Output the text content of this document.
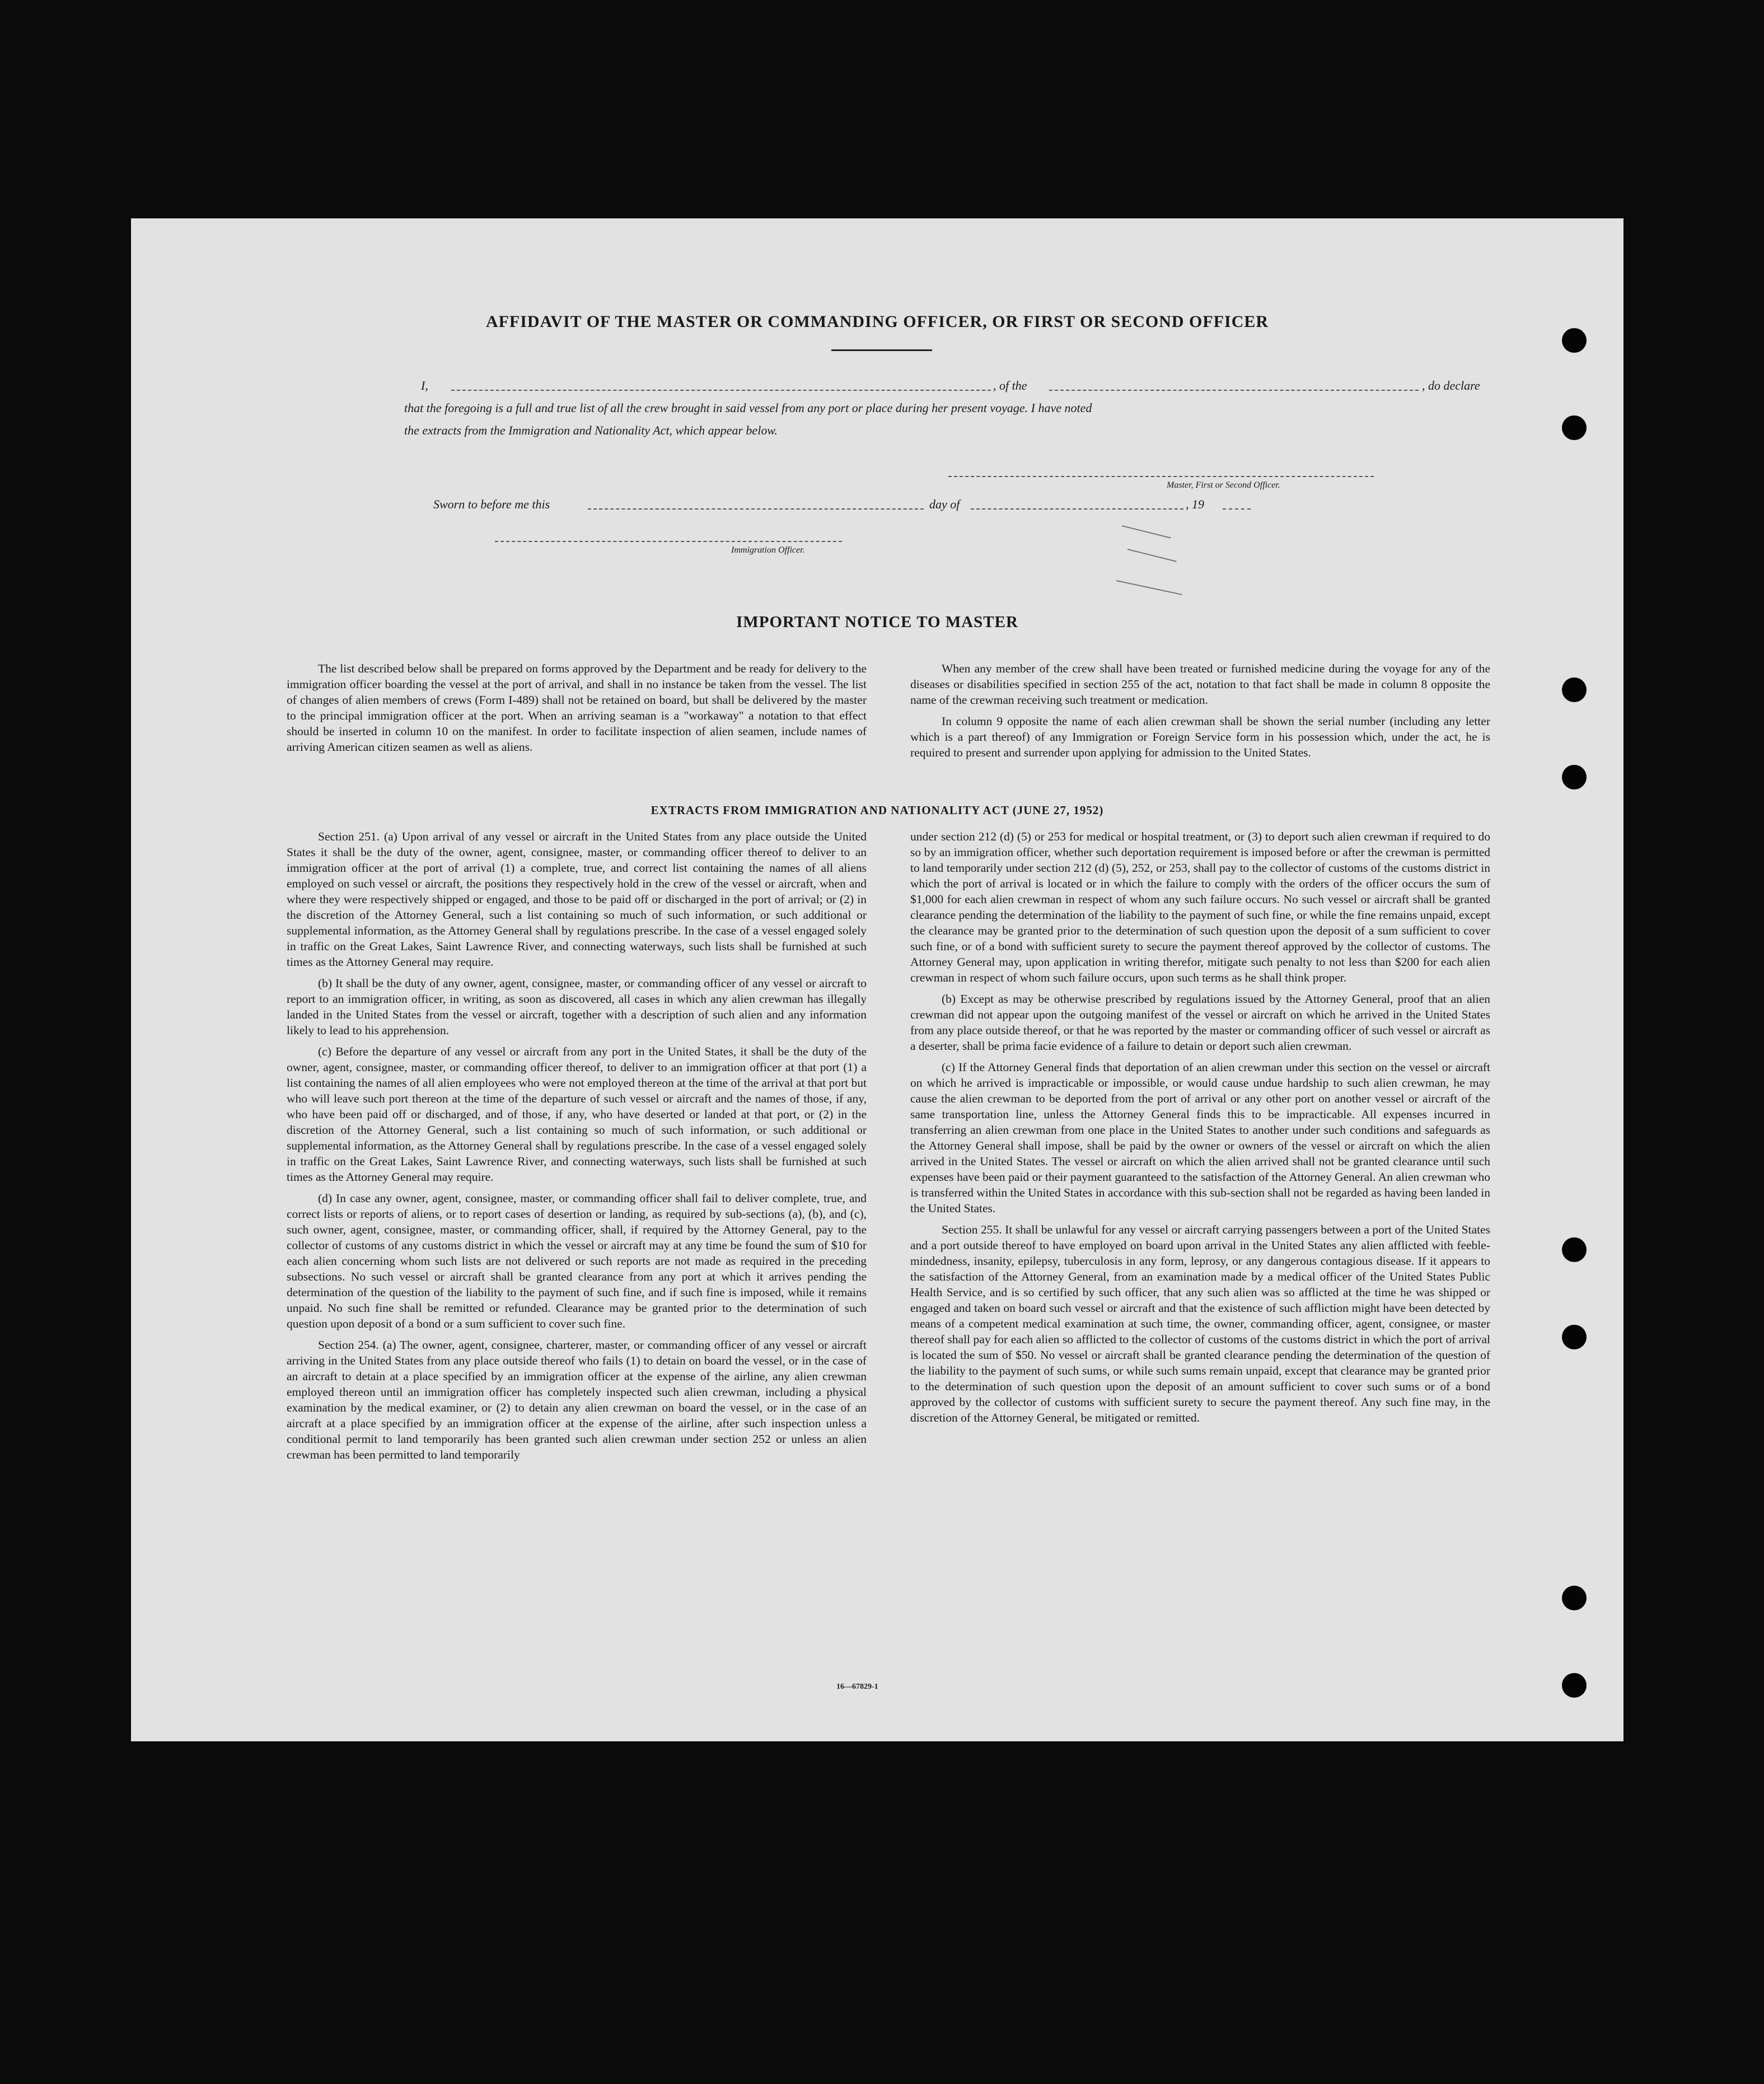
AFFIDAVIT OF THE MASTER OR COMMANDING OFFICER, OR FIRST OR SECOND OFFICER
I,	, of the	, do declare
that the foregoing is a full and true list of all the crew brought in said vessel from any port or place during her present voyage. I have noted
the extracts from the Immigration and Nationality Act, which appear below.
Master, First or Second Officer.
Sworn to before me this	day of	, 19
Immigration Officer.
IMPORTANT NOTICE TO MASTER

The list described below shall be prepared on forms approved by the Department and be ready for delivery to the immigration officer boarding the vessel at the port of arrival, and shall in no instance be taken from the vessel. The list of changes of alien members of crews (Form I-489) shall not be retained on board, but shall be delivered by the master to the principal immigration officer at the port. When an arriving seaman is a "workaway" a notation to that effect should be inserted in column 10 on the manifest. In order to facilitate inspection of alien seamen, include names of arriving American citizen seamen as well as aliens.

When any member of the crew shall have been treated or furnished medicine during the voyage for any of the diseases or disabilities specified in section 255 of the act, notation to that fact shall be made in column 8 opposite the name of the crewman receiving such treatment or medication.

In column 9 opposite the name of each alien crewman shall be shown the serial number (including any letter which is a part thereof) of any Immigration or Foreign Service form in his possession which, under the act, he is required to present and surrender upon applying for admission to the United States.

EXTRACTS FROM IMMIGRATION AND NATIONALITY ACT (JUNE 27, 1952)

Section 251. (a) Upon arrival of any vessel or aircraft in the United States from any place outside the United States it shall be the duty of the owner, agent, consignee, master, or commanding officer thereof to deliver to an immigration officer at the port of arrival (1) a complete, true, and correct list containing the names of all aliens employed on such vessel or aircraft, the positions they respectively hold in the crew of the vessel or aircraft, when and where they were respectively shipped or engaged, and those to be paid off or discharged in the port of arrival; or (2) in the discretion of the Attorney General, such a list containing so much of such information, or such additional or supplemental information, as the Attorney General shall by regulations prescribe. In the case of a vessel engaged solely in traffic on the Great Lakes, Saint Lawrence River, and connecting waterways, such lists shall be furnished at such times as the Attorney General may require.

(b) It shall be the duty of any owner, agent, consignee, master, or commanding officer of any vessel or aircraft to report to an immigration officer, in writing, as soon as discovered, all cases in which any alien crewman has illegally landed in the United States from the vessel or aircraft, together with a description of such alien and any information likely to lead to his apprehension.

(c) Before the departure of any vessel or aircraft from any port in the United States, it shall be the duty of the owner, agent, consignee, master, or commanding officer thereof, to deliver to an immigration officer at that port (1) a list containing the names of all alien employees who were not employed thereon at the time of the arrival at that port but who will leave such port thereon at the time of the departure of such vessel or aircraft and the names of those, if any, who have been paid off or discharged, and of those, if any, who have deserted or landed at that port, or (2) in the discretion of the Attorney General, such a list containing so much of such information, or such additional or supplemental information, as the Attorney General shall by regulations prescribe. In the case of a vessel engaged solely in traffic on the Great Lakes, Saint Lawrence River, and connecting waterways, such lists shall be furnished at such times as the Attorney General may require.

(d) In case any owner, agent, consignee, master, or commanding officer shall fail to deliver complete, true, and correct lists or reports of aliens, or to report cases of desertion or landing, as required by sub-sections (a), (b), and (c), such owner, agent, consignee, master, or commanding officer, shall, if required by the Attorney General, pay to the collector of customs of any customs district in which the vessel or aircraft may at any time be found the sum of $10 for each alien concerning whom such lists are not delivered or such reports are not made as required in the preceding subsections. No such vessel or aircraft shall be granted clearance from any port at which it arrives pending the determination of the question of the liability to the payment of such fine, and if such fine is imposed, while it remains unpaid. No such fine shall be remitted or refunded. Clearance may be granted prior to the determination of such question upon deposit of a bond or a sum sufficient to cover such fine.

Section 254. (a) The owner, agent, consignee, charterer, master, or commanding officer of any vessel or aircraft arriving in the United States from any place outside thereof who fails (1) to detain on board the vessel, or in the case of an aircraft to detain at a place specified by an immigration officer at the expense of the airline, any alien crewman employed thereon until an immigration officer has completely inspected such alien crewman, including a physical examination by the medical examiner, or (2) to detain any alien crewman on board the vessel, or in the case of an aircraft at a place specified by an immigration officer at the expense of the airline, after such inspection unless a conditional permit to land temporarily has been granted such alien crewman under section 252 or unless an alien crewman has been permitted to land temporarily

under section 212 (d) (5) or 253 for medical or hospital treatment, or (3) to deport such alien crewman if required to do so by an immigration officer, whether such deportation requirement is imposed before or after the crewman is permitted to land temporarily under section 212 (d) (5), 252, or 253, shall pay to the collector of customs of the customs district in which the port of arrival is located or in which the failure to comply with the orders of the officer occurs the sum of $1,000 for each alien crewman in respect of whom any such failure occurs. No such vessel or aircraft shall be granted clearance pending the determination of the liability to the payment of such fine, or while the fine remains unpaid, except the clearance may be granted prior to the determination of such question upon the deposit of a sum sufficient to cover such fine, or of a bond with sufficient surety to secure the payment thereof approved by the collector of customs. The Attorney General may, upon application in writing therefor, mitigate such penalty to not less than $200 for each alien crewman in respect of whom such failure occurs, upon such terms as he shall think proper.

(b) Except as may be otherwise prescribed by regulations issued by the Attorney General, proof that an alien crewman did not appear upon the outgoing manifest of the vessel or aircraft on which he arrived in the United States from any place outside thereof, or that he was reported by the master or commanding officer of such vessel or aircraft as a deserter, shall be prima facie evidence of a failure to detain or deport such alien crewman.

(c) If the Attorney General finds that deportation of an alien crewman under this section on the vessel or aircraft on which he arrived is impracticable or impossible, or would cause undue hardship to such alien crewman, he may cause the alien crewman to be deported from the port of arrival or any other port on another vessel or aircraft of the same transportation line, unless the Attorney General finds this to be impracticable. All expenses incurred in transferring an alien crewman from one place in the United States to another under such conditions and safeguards as the Attorney General shall impose, shall be paid by the owner or owners of the vessel or aircraft on which the alien arrived in the United States. The vessel or aircraft on which the alien arrived shall not be granted clearance until such expenses have been paid or their payment guaranteed to the satisfaction of the Attorney General. An alien crewman who is transferred within the United States in accordance with this sub-section shall not be regarded as having been landed in the United States.

Section 255. It shall be unlawful for any vessel or aircraft carrying passengers between a port of the United States and a port outside thereof to have employed on board upon arrival in the United States any alien afflicted with feeble-mindedness, insanity, epilepsy, tuberculosis in any form, leprosy, or any dangerous contagious disease. If it appears to the satisfaction of the Attorney General, from an examination made by a medical officer of the United States Public Health Service, and is so certified by such officer, that any such alien was so afflicted at the time he was shipped or engaged and taken on board such vessel or aircraft and that the existence of such affliction might have been detected by means of a competent medical examination at such time, the owner, commanding officer, agent, consignee, or master thereof shall pay for each alien so afflicted to the collector of customs of the customs district in which the port of arrival is located the sum of $50. No vessel or aircraft shall be granted clearance pending the determination of the question of the liability to the payment of such sums, or while such sums remain unpaid, except that clearance may be granted prior to the determination of such question upon the deposit of an amount sufficient to cover such sums or of a bond approved by the collector of customs with sufficient surety to secure the payment thereof. Any such fine may, in the discretion of the Attorney General, be mitigated or remitted.

16—67829-1
